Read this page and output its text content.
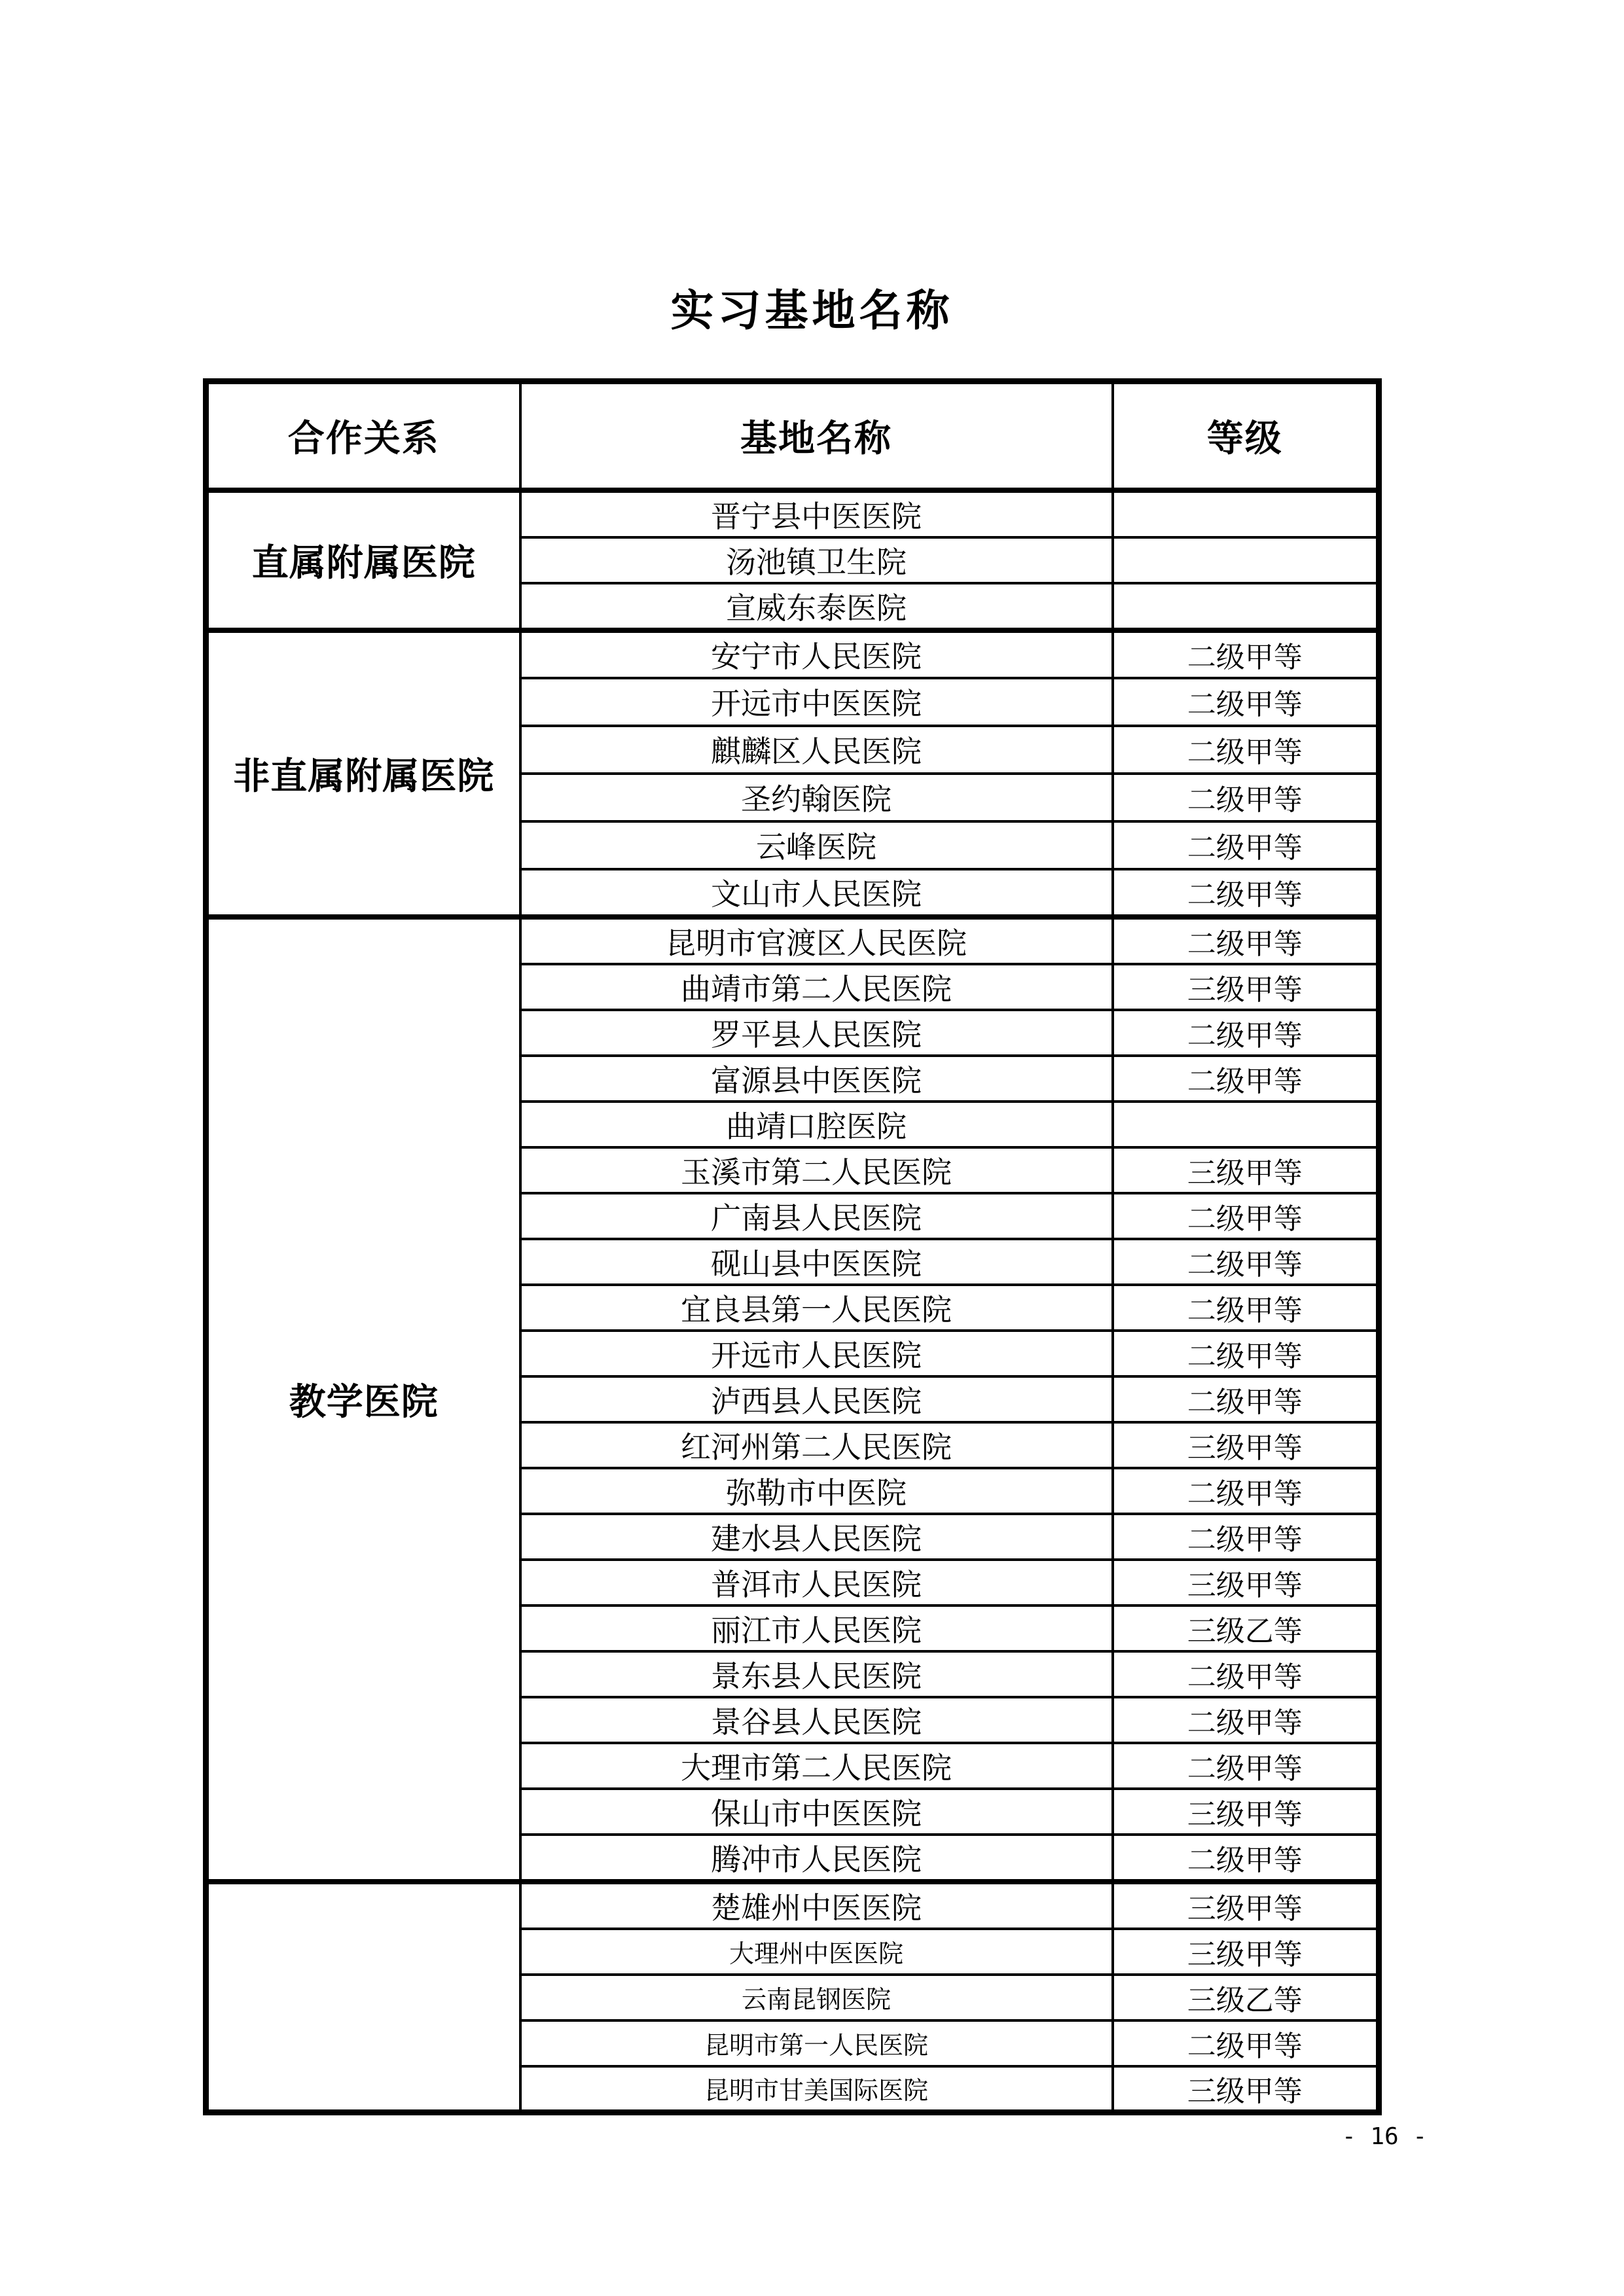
实习基地名称
合作关系	基地名称	等级
直属附属医院	晋宁县中医医院	
	汤池镇卫生院	
	宣威东泰医院	
非直属附属医院	安宁市人民医院	二级甲等
	开远市中医医院	二级甲等
	麒麟区人民医院	二级甲等
	圣约翰医院	二级甲等
	云峰医院	二级甲等
	文山市人民医院	二级甲等
教学医院	昆明市官渡区人民医院	二级甲等
	曲靖市第二人民医院	三级甲等
	罗平县人民医院	二级甲等
	富源县中医医院	二级甲等
	曲靖口腔医院	
	玉溪市第二人民医院	三级甲等
	广南县人民医院	二级甲等
	砚山县中医医院	二级甲等
	宜良县第一人民医院	二级甲等
	开远市人民医院	二级甲等
	泸西县人民医院	二级甲等
	红河州第二人民医院	三级甲等
	弥勒市中医院	二级甲等
	建水县人民医院	二级甲等
	普洱市人民医院	三级甲等
	丽江市人民医院	三级乙等
	景东县人民医院	二级甲等
	景谷县人民医院	二级甲等
	大理市第二人民医院	二级甲等
	保山市中医医院	三级甲等
	腾冲市人民医院	二级甲等
	楚雄州中医医院	三级甲等
	大理州中医医院	三级甲等
	云南昆钢医院	三级乙等
	昆明市第一人民医院	二级甲等
	昆明市甘美国际医院	三级甲等
- 16 -
